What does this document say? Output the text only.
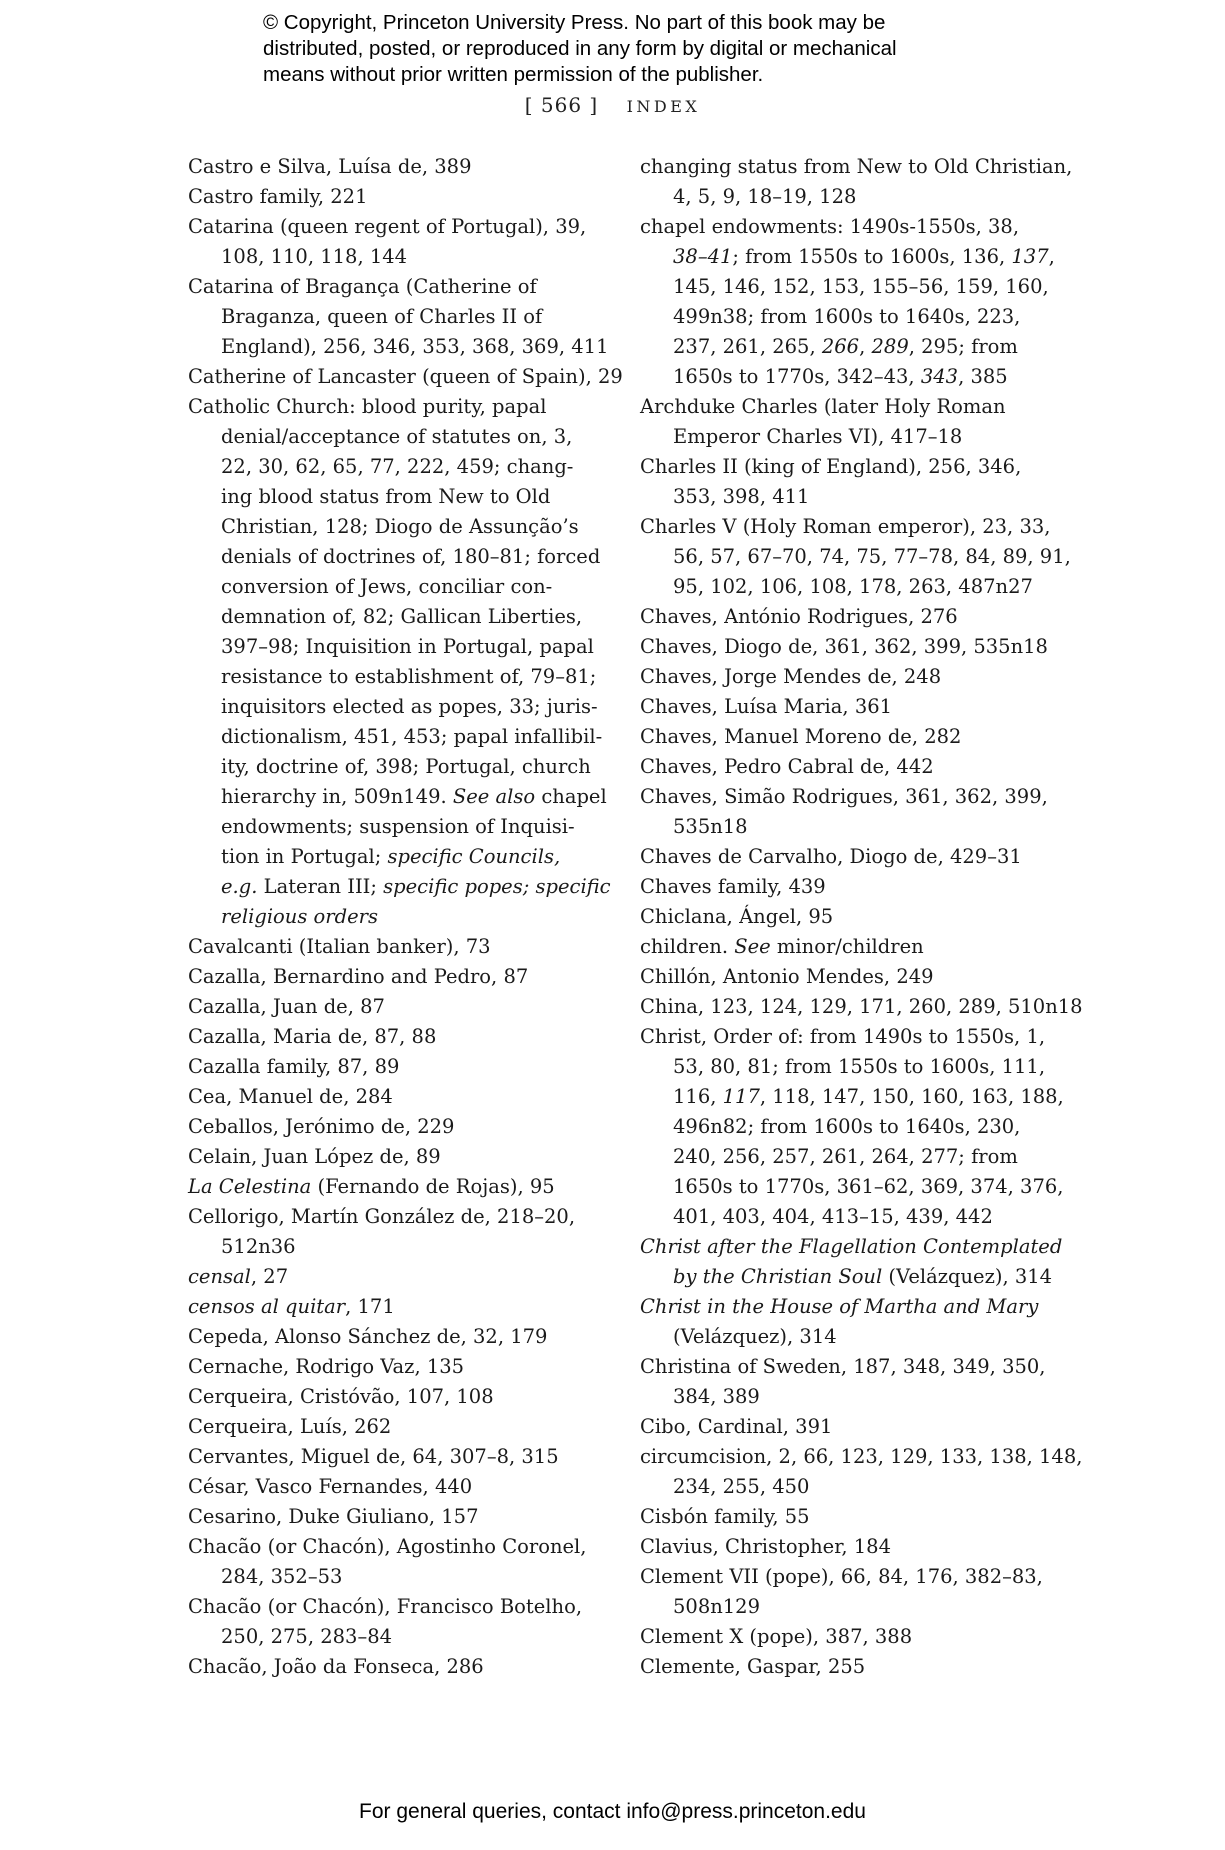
© Copyright, Princeton University Press. No part of this book may be
distributed, posted, or reproduced in any form by digital or mechanical
means without prior written permission of the publisher.
[ 566 ] INDEX
Castro e Silva, Luísa de, 389
Castro family, 221
Catarina (queen regent of Portugal), 39,
108, 110, 118, 144
Catarina of Bragança (Catherine of
Braganza, queen of Charles II of
England), 256, 346, 353, 368, 369, 411
Catherine of Lancaster (queen of Spain), 29
Catholic Church: blood purity, papal
denial/acceptance of statutes on, 3,
22, 30, 62, 65, 77, 222, 459; chang-
ing blood status from New to Old
Christian, 128; Diogo de Assunção’s
denials of doctrines of, 180–81; forced
conversion of Jews, conciliar con-
demnation of, 82; Gallican Liberties,
397–98; Inquisition in Portugal, papal
resistance to establishment of, 79–81;
inquisitors elected as popes, 33; juris-
dictionalism, 451, 453; papal infallibil-
ity, doctrine of, 398; Portugal, church
hierarchy in, 509n149. See also chapel
endowments; suspension of Inquisi-
tion in Portugal; specific Councils,
e.g. Lateran III; specific popes; specific
religious orders
Cavalcanti (Italian banker), 73
Cazalla, Bernardino and Pedro, 87
Cazalla, Juan de, 87
Cazalla, Maria de, 87, 88
Cazalla family, 87, 89
Cea, Manuel de, 284
Ceballos, Jerónimo de, 229
Celain, Juan López de, 89
La Celestina (Fernando de Rojas), 95
Cellorigo, Martín González de, 218–20,
512n36
censal, 27
censos al quitar, 171
Cepeda, Alonso Sánchez de, 32, 179
Cernache, Rodrigo Vaz, 135
Cerqueira, Cristóvão, 107, 108
Cerqueira, Luís, 262
Cervantes, Miguel de, 64, 307–8, 315
César, Vasco Fernandes, 440
Cesarino, Duke Giuliano, 157
Chacão (or Chacón), Agostinho Coronel,
284, 352–53
Chacão (or Chacón), Francisco Botelho,
250, 275, 283–84
Chacão, João da Fonseca, 286
changing status from New to Old Christian,
4, 5, 9, 18–19, 128
chapel endowments: 1490s-1550s, 38,
38–41; from 1550s to 1600s, 136, 137,
145, 146, 152, 153, 155–56, 159, 160,
499n38; from 1600s to 1640s, 223,
237, 261, 265, 266, 289, 295; from
1650s to 1770s, 342–43, 343, 385
Archduke Charles (later Holy Roman
Emperor Charles VI), 417–18
Charles II (king of England), 256, 346,
353, 398, 411
Charles V (Holy Roman emperor), 23, 33,
56, 57, 67–70, 74, 75, 77–78, 84, 89, 91,
95, 102, 106, 108, 178, 263, 487n27
Chaves, António Rodrigues, 276
Chaves, Diogo de, 361, 362, 399, 535n18
Chaves, Jorge Mendes de, 248
Chaves, Luísa Maria, 361
Chaves, Manuel Moreno de, 282
Chaves, Pedro Cabral de, 442
Chaves, Simão Rodrigues, 361, 362, 399,
535n18
Chaves de Carvalho, Diogo de, 429–31
Chaves family, 439
Chiclana, Ángel, 95
children. See minor/children
Chillón, Antonio Mendes, 249
China, 123, 124, 129, 171, 260, 289, 510n18
Christ, Order of: from 1490s to 1550s, 1,
53, 80, 81; from 1550s to 1600s, 111,
116, 117, 118, 147, 150, 160, 163, 188,
496n82; from 1600s to 1640s, 230,
240, 256, 257, 261, 264, 277; from
1650s to 1770s, 361–62, 369, 374, 376,
401, 403, 404, 413–15, 439, 442
Christ after the Flagellation Contemplated
by the Christian Soul (Velázquez), 314
Christ in the House of Martha and Mary
(Velázquez), 314
Christina of Sweden, 187, 348, 349, 350,
384, 389
Cibo, Cardinal, 391
circumcision, 2, 66, 123, 129, 133, 138, 148,
234, 255, 450
Cisbón family, 55
Clavius, Christopher, 184
Clement VII (pope), 66, 84, 176, 382–83,
508n129
Clement X (pope), 387, 388
Clemente, Gaspar, 255
For general queries, contact info@press.princeton.edu
